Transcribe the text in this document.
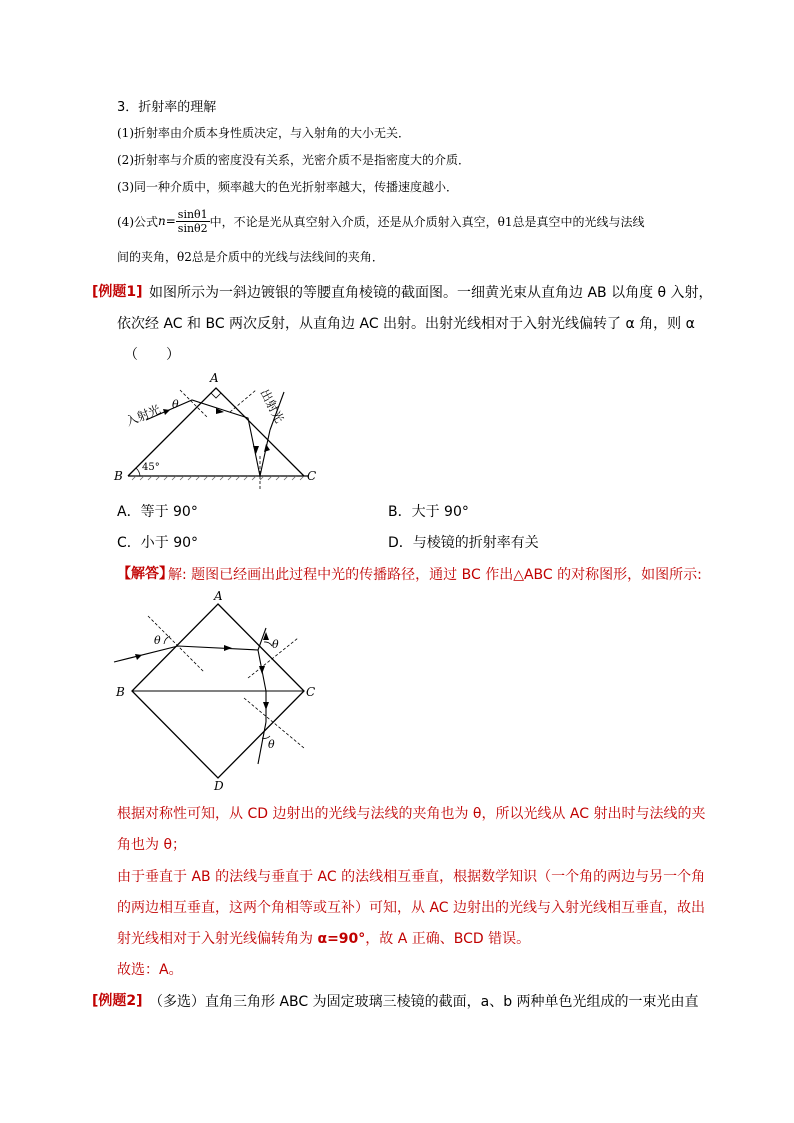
3．折射率的理解
(1)折射率由介质本身性质决定，与入射角的大小无关．
(2)折射率与介质的密度没有关系，光密介质不是指密度大的介质．
(3)同一种介质中，频率越大的色光折射率越大，传播速度越小．
(4)公式 $n = \frac{\sin\theta 1}{\sin\theta 2}$ 中，不论是光从真空射入介质，还是从介质射入真空，θ1总是真空中的光线与法线
间的夹角，θ2总是介质中的光线与法线间的夹角．
[例题1] 如图所示为一斜边镀银的等腰直角棱镜的截面图。一细黄光束从直角边 AB 以角度 θ 入射，
依次经 AC 和 BC 两次反射，从直角边 AC 出射。出射光线相对于入射光线偏转了 α 角，则 α
（　　）
A
B	C
45°
θ
入射光	出射光
A．等于 90°	B．大于 90°
C．小于 90°	D．与棱镜的折射率有关
【解答】
解: 题图已经画出此过程中光的传播路径，通过 BC 作出△ABC 的对称图形，如图所示:
A
B	C
D
θ	θ
θ
根据对称性可知，从 CD 边射出的光线与法线的夹角也为 θ，所以光线从 AC 射出时与法线的夹
角也为 θ；
由于垂直于 AB 的法线与垂直于 AC 的法线相互垂直，根据数学知识（一个角的两边与另一个角
的两边相互垂直，这两个角相等或互补）可知，从 AC 边射出的光线与入射光线相互垂直，故出
射光线相对于入射光线偏转角为 α=90°，故 A 正确、BCD 错误。
故选：A。
[例题2] （多选）直角三角形 ABC 为固定玻璃三棱镜的截面，a、b 两种单色光组成的一束光由直
